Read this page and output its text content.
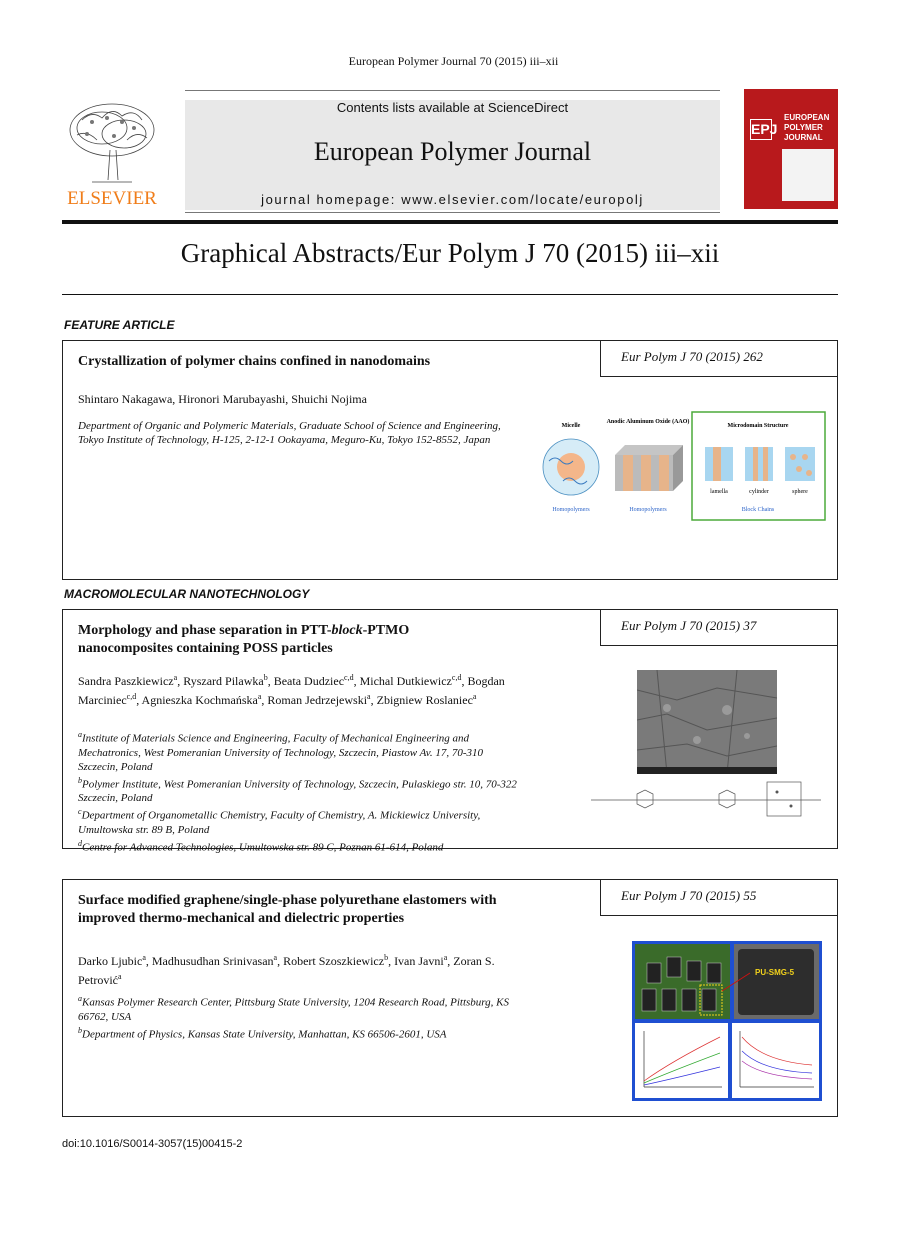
European Polymer Journal 70 (2015) iii–xii
ELSEVIER
Contents lists available at ScienceDirect
European Polymer Journal
journal homepage: www.elsevier.com/locate/europolj
EPJ
EUROPEAN
POLYMER
JOURNAL
Graphical Abstracts/Eur Polym J 70 (2015) iii–xii
FEATURE ARTICLE
Eur Polym J 70 (2015) 262
Crystallization of polymer chains confined in nanodomains
Shintaro Nakagawa, Hironori Marubayashi, Shuichi Nojima
Department of Organic and Polymeric Materials, Graduate School of Science and Engineering, Tokyo Institute of Technology, H-125, 2-12-1 Ookayama, Meguro-Ku, Tokyo 152-8552, Japan
Micelle
Anodic Aluminum Oxide (AAO)
Microdomain Structure
lamella	cylinder	sphere
Homopolymers	Homopolymers	Block Chains
MACROMOLECULAR NANOTECHNOLOGY
Eur Polym J 70 (2015) 37
Morphology and phase separation in PTT-block-PTMO nanocomposites containing POSS particles
Sandra Paszkiewicz$^a$, Ryszard Pilawka$^b$, Beata Dudziec$^{c,d}$, Michal Dutkiewicz$^{c,d}$, Bogdan Marciniec$^{c,d}$, Agnieszka Kochmańska$^a$, Roman Jedrzejewski$^a$, Zbigniew Roslaniec$^a$
$^a$Institute of Materials Science and Engineering, Faculty of Mechanical Engineering and Mechatronics, West Pomeranian University of Technology, Szczecin, Piastow Av. 17, 70-310 Szczecin, Poland
$^b$Polymer Institute, West Pomeranian University of Technology, Szczecin, Pulaskiego str. 10, 70-322 Szczecin, Poland
$^c$Department of Organometallic Chemistry, Faculty of Chemistry, A. Mickiewicz University, Umultowska str. 89 B, Poland
$^d$Centre for Advanced Technologies, Umultowska str. 89 C, Poznan 61-614, Poland
Eur Polym J 70 (2015) 55
Surface modified graphene/single-phase polyurethane elastomers with improved thermo-mechanical and dielectric properties
Darko Ljubic$^a$, Madhusudhan Srinivasan$^a$, Robert Szoszkiewicz$^b$, Ivan Javni$^a$, Zoran S. Petrović$^a$
$^a$Kansas Polymer Research Center, Pittsburg State University, 1204 Research Road, Pittsburg, KS 66762, USA
$^b$Department of Physics, Kansas State University, Manhattan, KS 66506-2601, USA
PU-SMG-5
doi:10.1016/S0014-3057(15)00415-2
